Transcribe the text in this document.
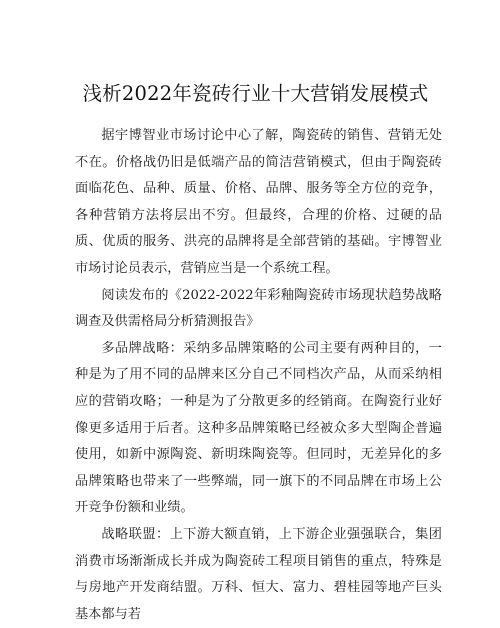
浅析2022年瓷砖行业十大营销发展模式

据宇博智业市场讨论中心了解，陶瓷砖的销售、营销无处不在。价格战仍旧是低端产品的简洁营销模式，但由于陶瓷砖面临花色、品种、质量、价格、品牌、服务等全方位的竞争，各种营销方法将层出不穷。但最终，合理的价格、过硬的品质、优质的服务、洪亮的品牌将是全部营销的基础。宇博智业市场讨论员表示，营销应当是一个系统工程。

阅读发布的《2022-2022年彩釉陶瓷砖市场现状趋势战略调查及供需格局分析猜测报告》

多品牌战略：采纳多品牌策略的公司主要有两种目的，一种是为了用不同的品牌来区分自己不同档次产品，从而采纳相应的营销攻略；一种是为了分散更多的经销商。在陶瓷行业好像更多适用于后者。这种多品牌策略已经被众多大型陶企普遍使用，如新中源陶瓷、新明珠陶瓷等。但同时，无差异化的多品牌策略也带来了一些弊端，同一旗下的不同品牌在市场上公开竞争份额和业绩。

战略联盟：上下游大额直销，上下游企业强强联合，集团消费市场渐渐成长并成为陶瓷砖工程项目销售的重点，特殊是与房地产开发商结盟。万科、恒大、富力、碧桂园等地产巨头基本都与若
